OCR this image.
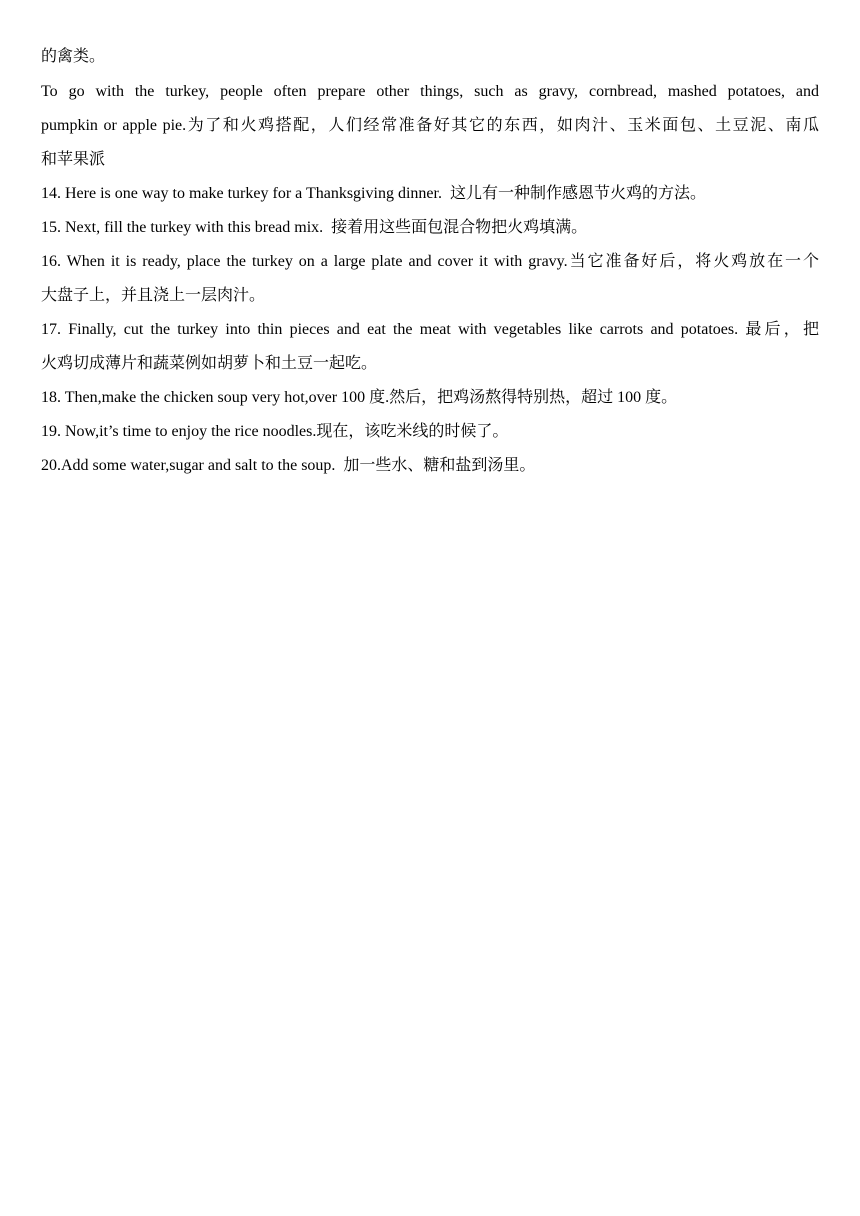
的禽类。
To go with the turkey, people often prepare other things, such as gravy, cornbread, mashed potatoes, and
pumpkin or apple pie.为了和火鸡搭配，人们经常准备好其它的东西，如肉汁、玉米面包、土豆泥、南瓜
和苹果派
14. Here is one way to make turkey for a Thanksgiving dinner.  这儿有一种制作感恩节火鸡的方法。
15. Next, fill the turkey with this bread mix.  接着用这些面包混合物把火鸡填满。
16. When it is ready, place the turkey on a large plate and cover it with gravy.当它准备好后，将火鸡放在一个
大盘子上，并且浇上一层肉汁。
17. Finally, cut the turkey into thin pieces and eat the meat with vegetables like carrots and potatoes. 最后，把
火鸡切成薄片和蔬菜例如胡萝卜和土豆一起吃。
18. Then,make the chicken soup very hot,over 100 度.然后，把鸡汤熬得特别热，超过 100 度。
19. Now,it’s time to enjoy the rice noodles.现在，该吃米线的时候了。
20.Add some water,sugar and salt to the soup.  加一些水、糖和盐到汤里。
